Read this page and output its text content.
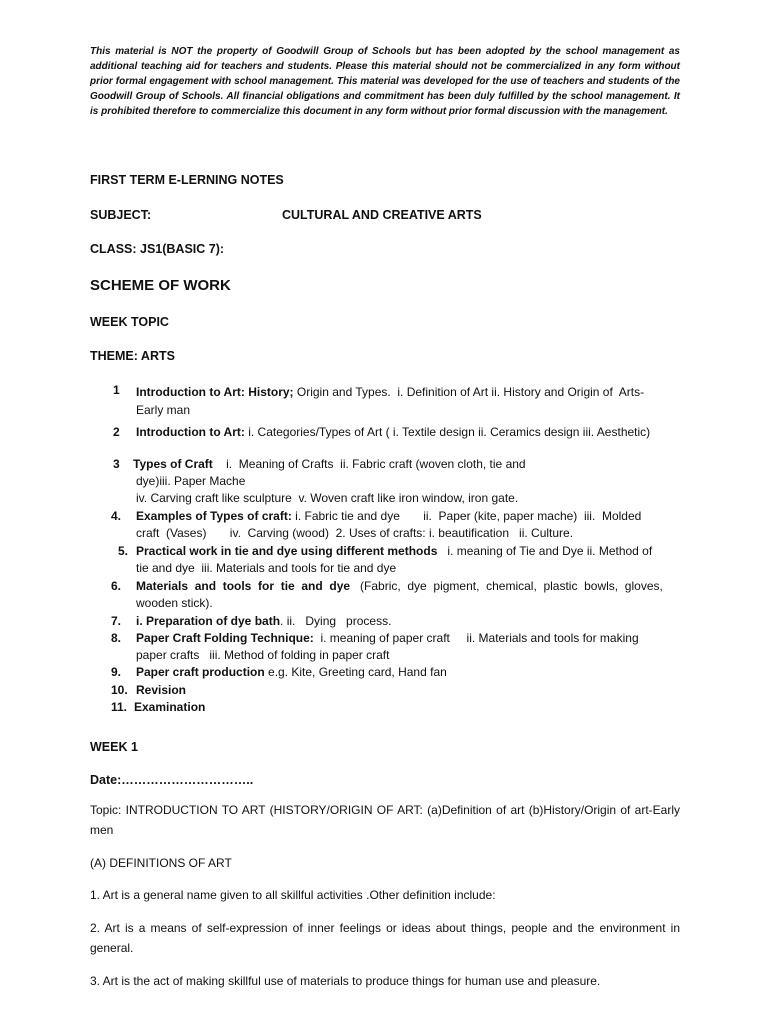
This material is NOT the property of Goodwill Group of Schools but has been adopted by the school management as additional teaching aid for teachers and students. Please this material should not be commercialized in any form without prior formal engagement with school management. This material was developed for the use of teachers and students of the Goodwill Group of Schools. All financial obligations and commitment has been duly fulfilled by the school management. It is prohibited therefore to commercialize this document in any form without prior formal discussion with the management.
FIRST TERM E-LERNING NOTES
SUBJECT:	CULTURAL AND CREATIVE ARTS
CLASS: JS1(BASIC 7):
SCHEME OF WORK
WEEK TOPIC
THEME: ARTS
1 Introduction to Art: History; Origin and Types.  i. Definition of Art ii. History and Origin of  Arts-
Early man
2 Introduction to Art: i. Categories/Types of Art ( i. Textile design ii. Ceramics design iii. Aesthetic)
3 Types of Craft    i.  Meaning of Crafts  ii. Fabric craft (woven cloth, tie and
dye)iii. Paper Mache
iv. Carving craft like sculpture  v. Woven craft like iron window, iron gate.
4. Examples of Types of craft: i. Fabric tie and dye       ii.  Paper (kite, paper mache)  iii.  Molded
craft  (Vases)       iv.  Carving (wood)  2. Uses of crafts: i. beautification   ii. Culture.
5. Practical work in tie and dye using different methods   i. meaning of Tie and Dye ii. Method of
tie and dye  iii. Materials and tools for tie and dye
6. Materials  and  tools  for  tie  and  dye   (Fabric,  dye  pigment,  chemical,  plastic  bowls,  gloves,
wooden stick).
7. i. Preparation of dye bath. ii.   Dying   process.
8. Paper Craft Folding Technique:  i. meaning of paper craft     ii. Materials and tools for making
paper crafts   iii. Method of folding in paper craft
9. Paper craft production e.g. Kite, Greeting card, Hand fan
10. Revision
11. Examination
WEEK 1
Date:…………………………..
Topic: INTRODUCTION TO ART (HISTORY/ORIGIN OF ART: (a)Definition of art (b)History/Origin of art-Early men
(A) DEFINITIONS OF ART
1. Art is a general name given to all skillful activities .Other definition include:
2. Art is a means of self-expression of inner feelings or ideas about things, people and the environment in general.
3. Art is the act of making skillful use of materials to produce things for human use and pleasure.
